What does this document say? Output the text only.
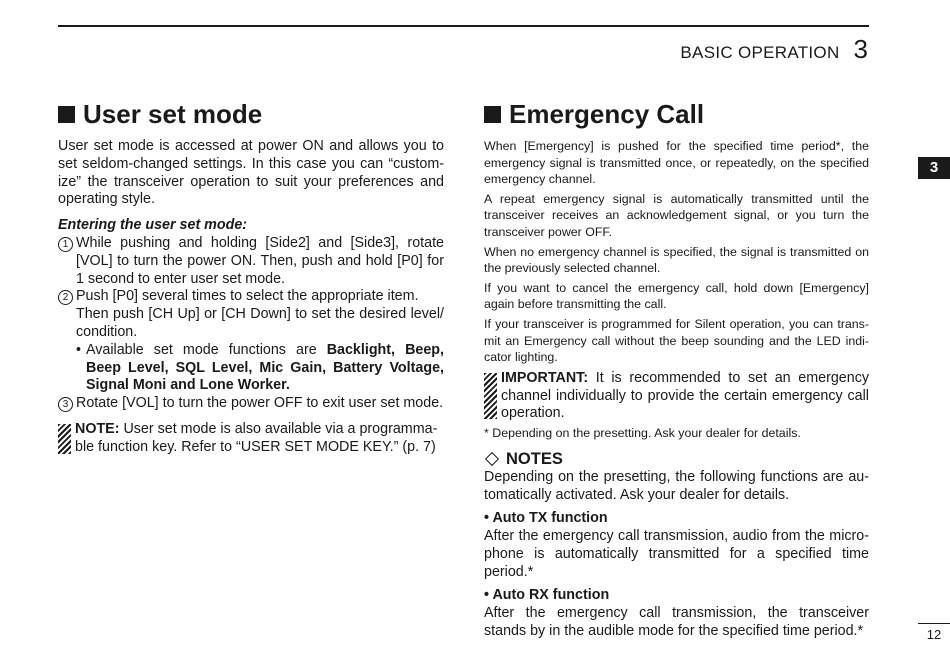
BASIC OPERATION 3
3
12
User set mode

User set mode is accessed at power ON and allows you to set seldom-changed settings. In this case you can “custom-ize” the transceiver operation to suit your preferences and operating style.

Entering the user set mode:
1 While pushing and holding [Side2] and [Side3], rotate [VOL] to turn the power ON. Then, push and hold [P0] for 1 second to enter user set mode.
2 Push [P0] several times to select the appropriate item.
Then push [CH Up] or [CH Down] to set the desired level/ condition.
• Available set mode functions are Backlight, Beep, Beep Level, SQL Level, Mic Gain, Battery Voltage, Signal Moni and Lone Worker.
3 Rotate [VOL] to turn the power OFF to exit user set mode.
NOTE: User set mode is also available via a programma-ble function key. Refer to “USER SET MODE KEY.” (p. 7)
Emergency Call

When [Emergency] is pushed for the specified time period*, the emergency signal is transmitted once, or repeatedly, on the specified emergency channel.

A repeat emergency signal is automatically transmitted until the transceiver receives an acknowledgement signal, or you turn the transceiver power OFF.

When no emergency channel is specified, the signal is transmitted on the previously selected channel.

If you want to cancel the emergency call, hold down [Emergency] again before transmitting the call.

If your transceiver is programmed for Silent operation, you can trans-mit an Emergency call without the beep sounding and the LED indi-cator lighting.

IMPORTANT: It is recommended to set an emergency channel individually to provide the certain emergency call operation.

* Depending on the presetting. Ask your dealer for details.

NOTES

Depending on the presetting, the following functions are au-tomatically activated. Ask your dealer for details.

• Auto TX function

After the emergency call transmission, audio from the micro-phone is automatically transmitted for a specified time period.*

• Auto RX function

After the emergency call transmission, the transceiver stands by in the audible mode for the specified time period.*
